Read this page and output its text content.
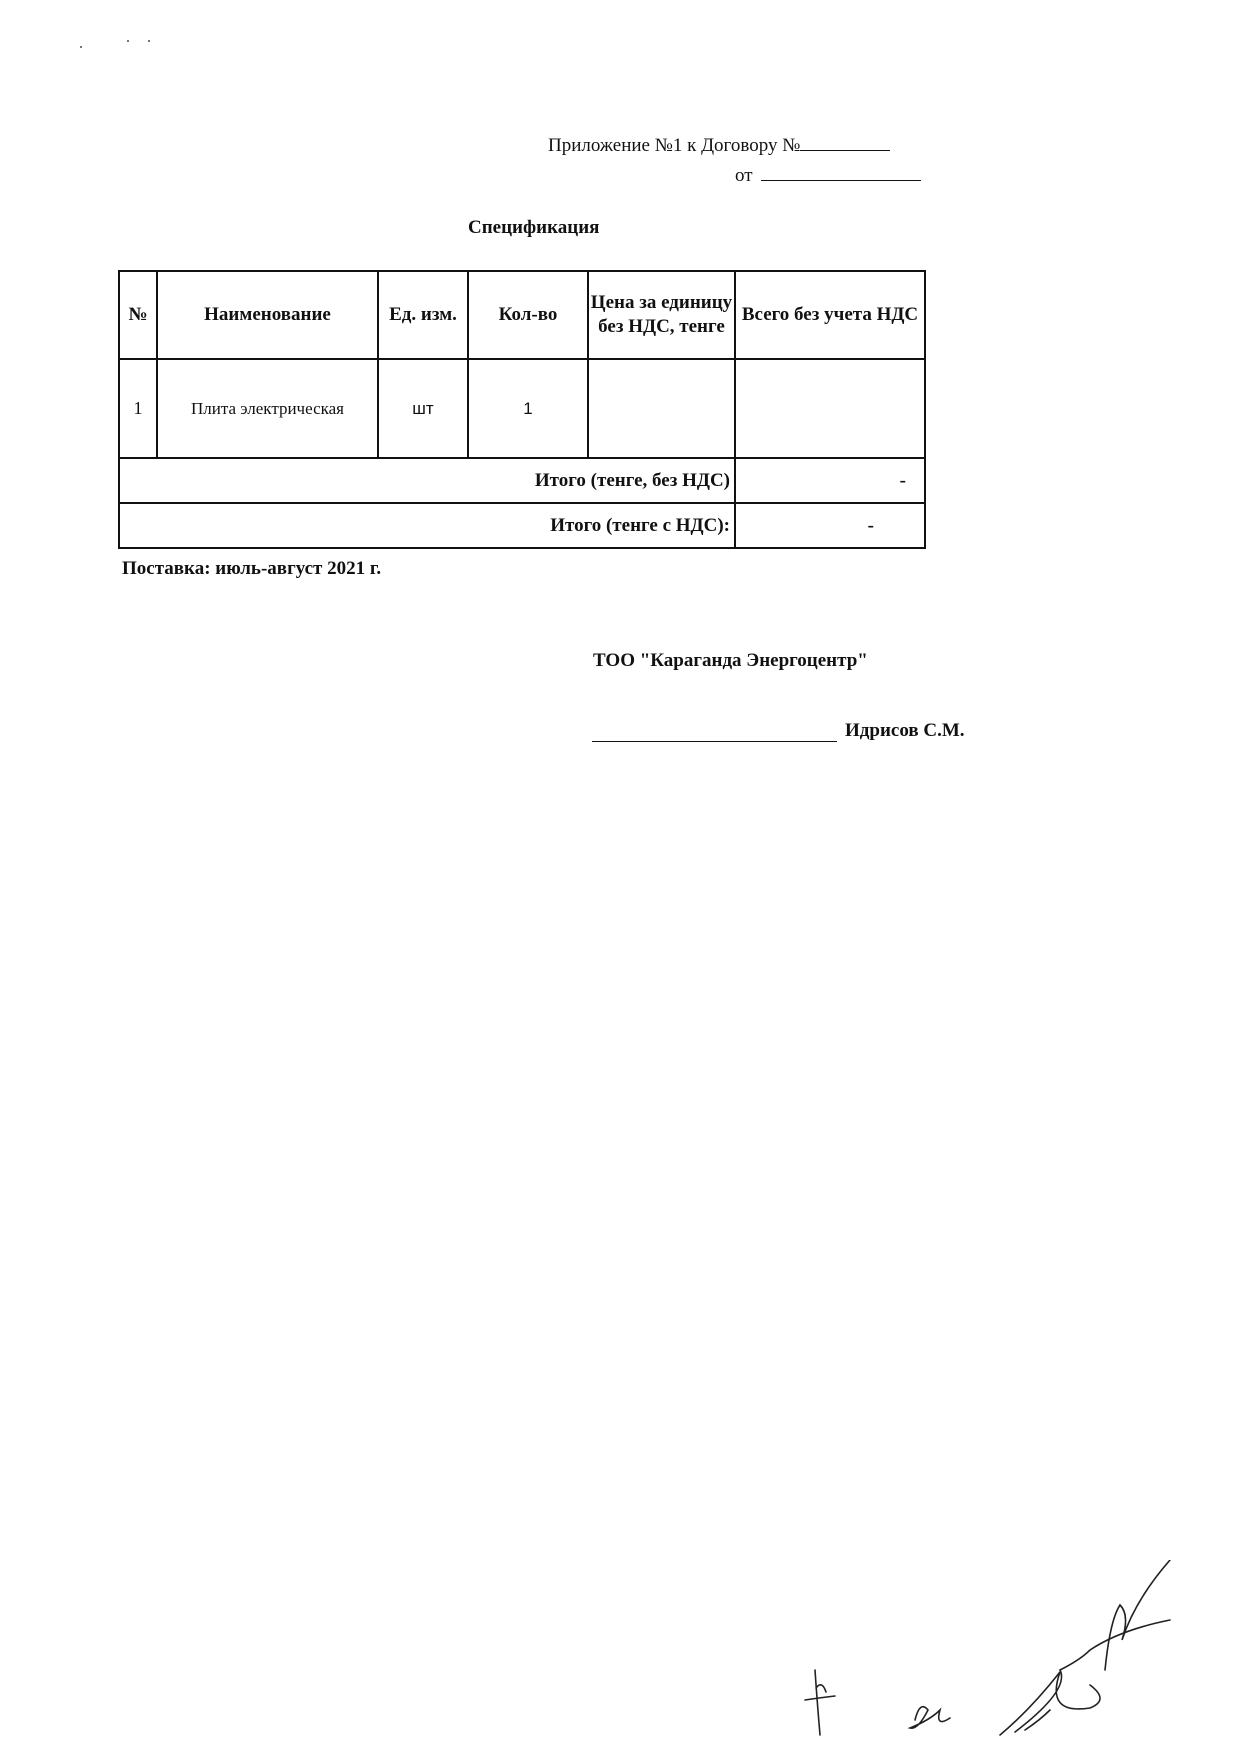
Приложение №1 к Договору №
от
Спецификация
№	Наименование	Ед. изм.	Кол-во	Цена за единицу без НДС, тенге	Всего без учета НДС
1	Плита электрическая	шт	1		
Итого (тенге, без НДС)					-
Итого (тенге с НДС):					-
Поставка: июль-август 2021 г.
ТОО "Караганда Энергоцентр"
Идрисов С.М.
